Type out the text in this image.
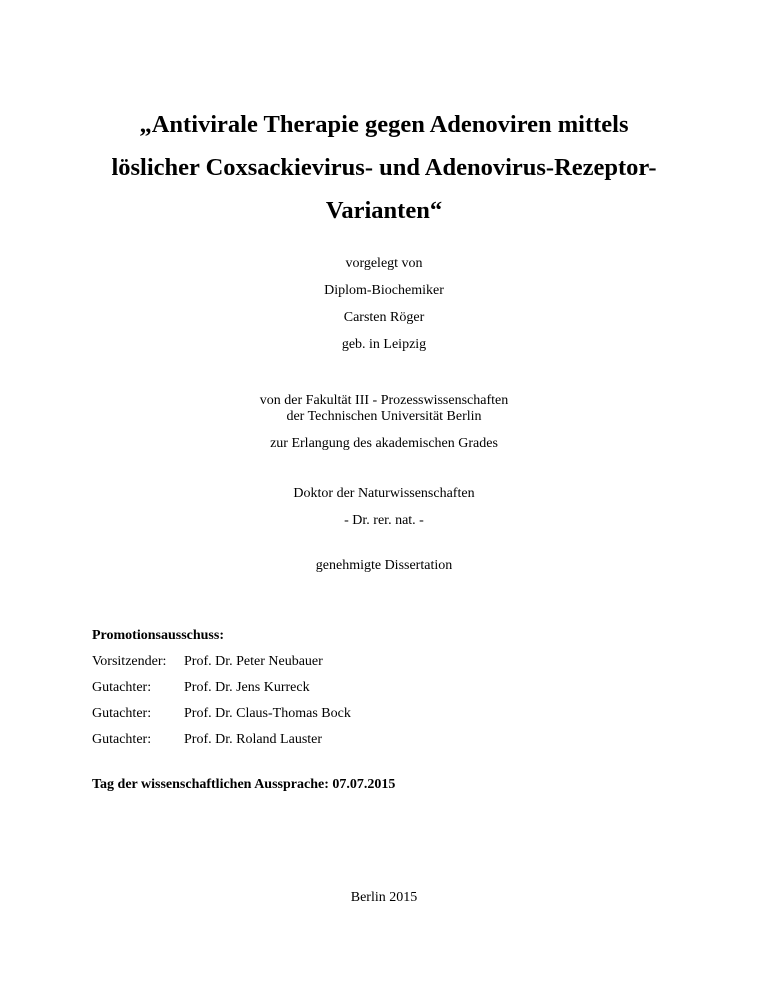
„Antivirale Therapie gegen Adenoviren mittels
löslicher Coxsackievirus- und Adenovirus-Rezeptor-
Varianten“
vorgelegt von
Diplom-Biochemiker
Carsten Röger
geb. in Leipzig
von der Fakultät III - Prozesswissenschaften
der Technischen Universität Berlin
zur Erlangung des akademischen Grades
Doktor der Naturwissenschaften
- Dr. rer. nat. -
genehmigte Dissertation
Promotionsausschuss:
Vorsitzender: Prof. Dr. Peter Neubauer
Gutachter: Prof. Dr. Jens Kurreck
Gutachter: Prof. Dr. Claus-Thomas Bock
Gutachter: Prof. Dr. Roland Lauster
Tag der wissenschaftlichen Aussprache: 07.07.2015
Berlin 2015
